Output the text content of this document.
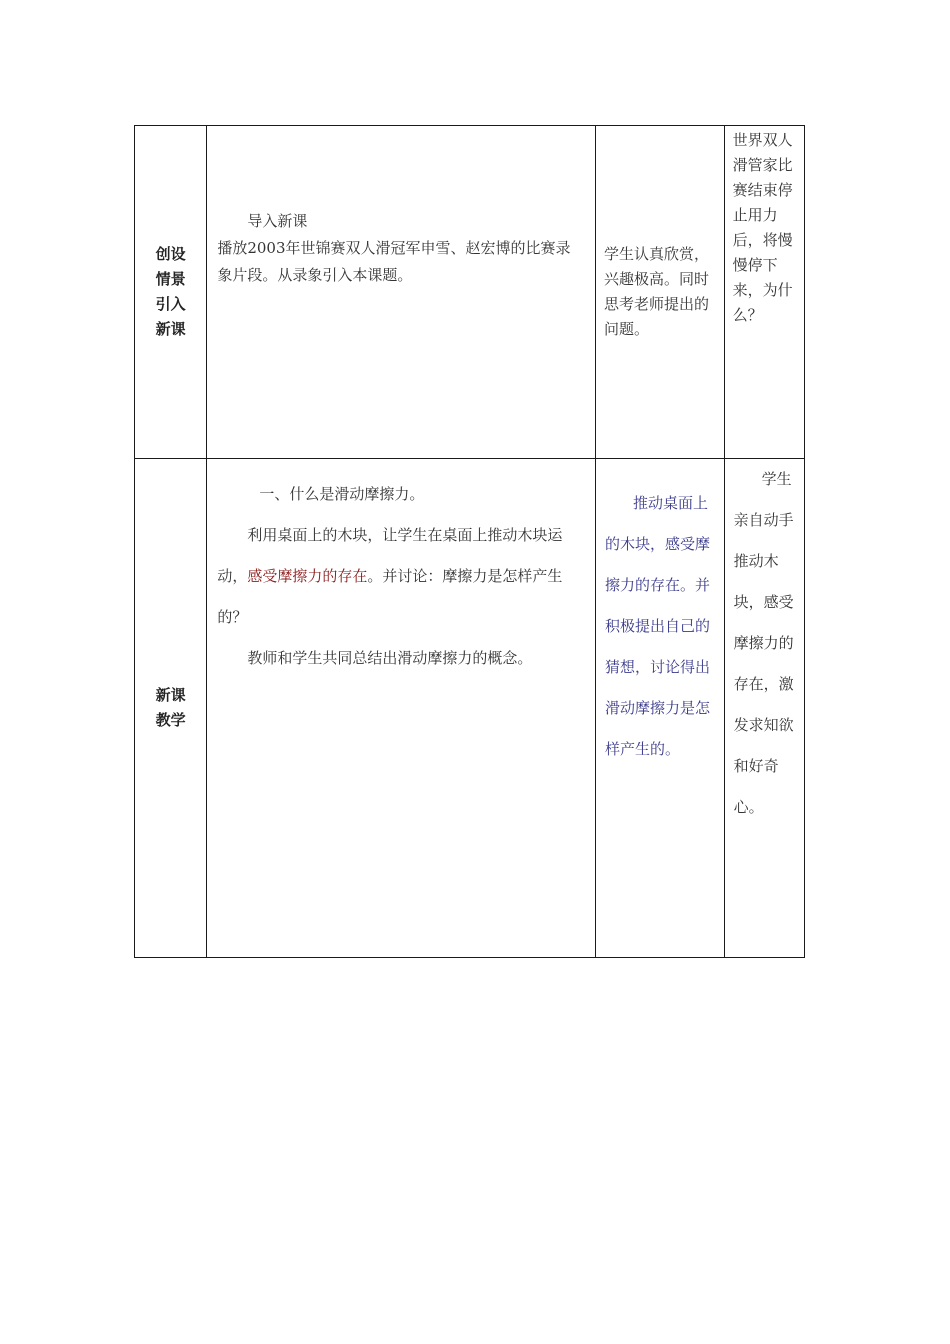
创设
情景
引入
新课	导入新课
播放2003年世锦赛双人滑冠军申雪、赵宏博的比赛录象片段。从录象引入本课题。	学生认真欣赏，兴趣极高。同时思考老师提出的问题。	世界双人滑管家比赛结束停止用力后，将慢慢停下来，为什么？

新课
教学	一、什么是滑动摩擦力。
利用桌面上的木块，让学生在桌面上推动木块运动，感受摩擦力的存在。并讨论：摩擦力是怎样产生的？
教师和学生共同总结出滑动摩擦力的概念。	推动桌面上的木块，感受摩擦力的存在。并积极提出自己的猜想，讨论得出滑动摩擦力是怎样产生的。	学生亲自动手推动木块，感受摩擦力的存在，激发求知欲和好奇心。
